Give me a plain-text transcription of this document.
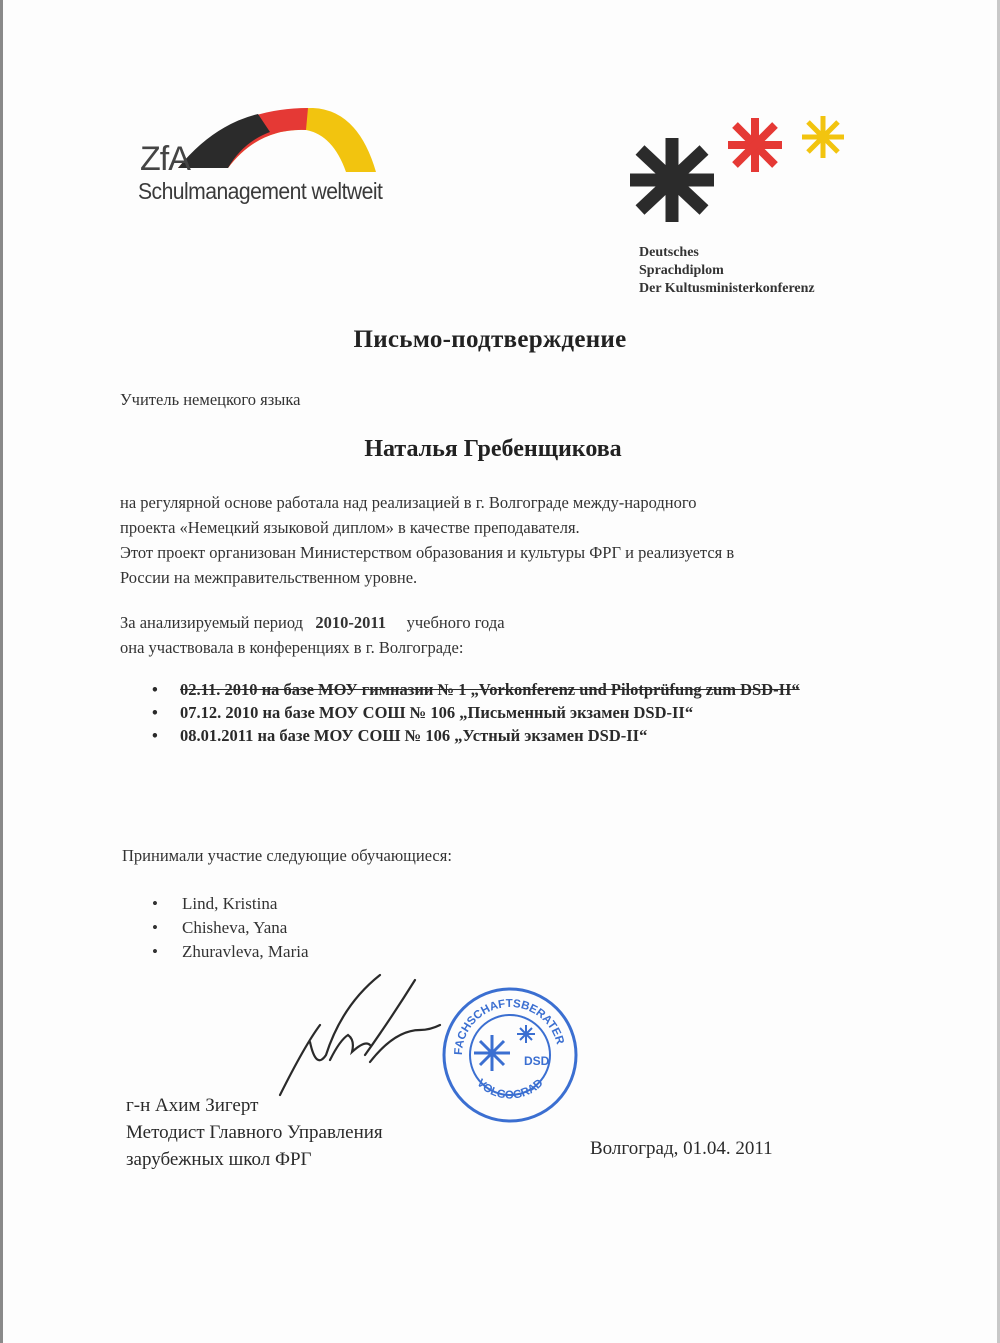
ZfA
Schulmanagement weltweit
Deutsches
Sprachdiplom
Der Kultusministerkonferenz
Письмо-подтверждение
Учитель немецкого языка
Наталья Гребенщикова
на регулярной основе работала над реализацией в г. Волгограде между-народного
проекта «Немецкий языковой диплом» в качестве преподавателя.
Этот проект организован Министерством образования и культуры ФРГ и реализуется в
России на межправительственном уровне.
За анализируемый период 2010-2011 учебного года
она участвовала в конференциях в г. Волгограде:
• 02.11. 2010 на базе МОУ гимназии № 1 „Vorkonferenz und Pilotprüfung zum DSD-II“
• 07.12. 2010 на базе МОУ СОШ № 106 „Письменный экзамен DSD-II“
• 08.01.2011 на базе МОУ СОШ № 106 „Устный экзамен DSD-II“
Принимали участие следующие обучающиеся:
• Lind, Kristina
• Chisheva, Yana
• Zhuravleva, Maria
FACHSCHAFTSBERATER
VOLGOGRAD
DSD
г-н Ахим Зигерт
Методист Главного Управления
зарубежных школ ФРГ
Волгоград, 01.04. 2011
